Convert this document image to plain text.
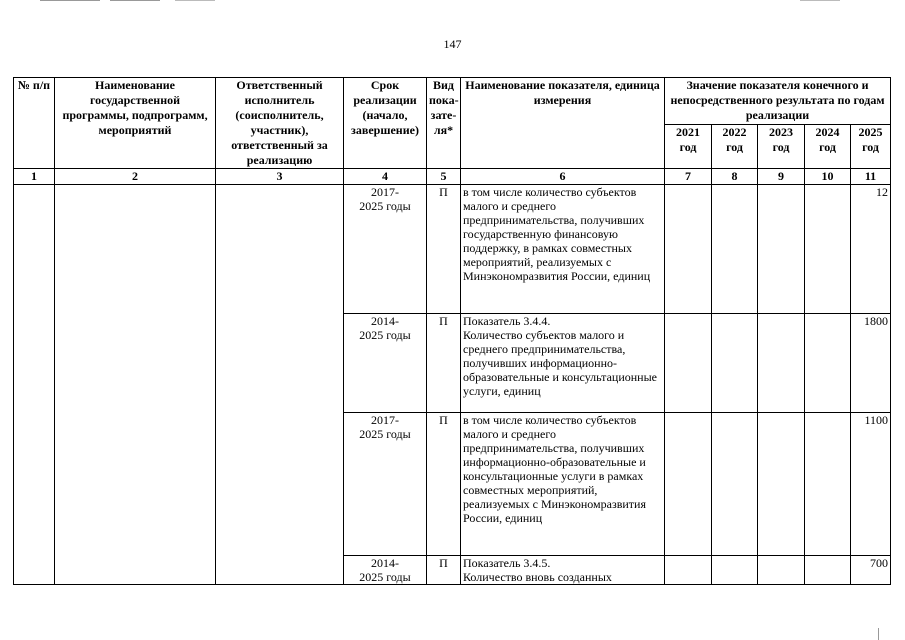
147
№ п/п	Наименование государственной программы, подпрограмм, мероприятий	Ответственный исполнитель (соисполнитель, участник), ответственный за реализацию	Срок реализации (начало, завершение)	Вид пока-зате-ля*	Наименование показателя, единица измерения	Значение показателя конечного и непосредственного результата по годам реализации				
						2021
год	2022
год	2023
год	2024
год	2025
год
1	2	3	4	5	6	7	8	9	10	11
			2017-
2025 годы	П	в том числе количество субъектов малого и среднего предпринимательства, получивших государственную финансовую поддержку, в рамках совместных мероприятий, реализуемых с Минэкономразвития России, единиц					12
			2014-
2025 годы	П	Показатель 3.4.4.
Количество субъектов малого и среднего предпринимательства, получивших информационно-образовательные и консультационные услуги, единиц					1800
			2017-
2025 годы	П	в том числе количество субъектов малого и среднего предпринимательства, получивших информационно-образовательные и консультационные услуги в рамках совместных мероприятий, реализуемых с Минэкономразвития России, единиц					1100
			2014-
2025 годы	П	Показатель 3.4.5.
Количество вновь созданных					700
